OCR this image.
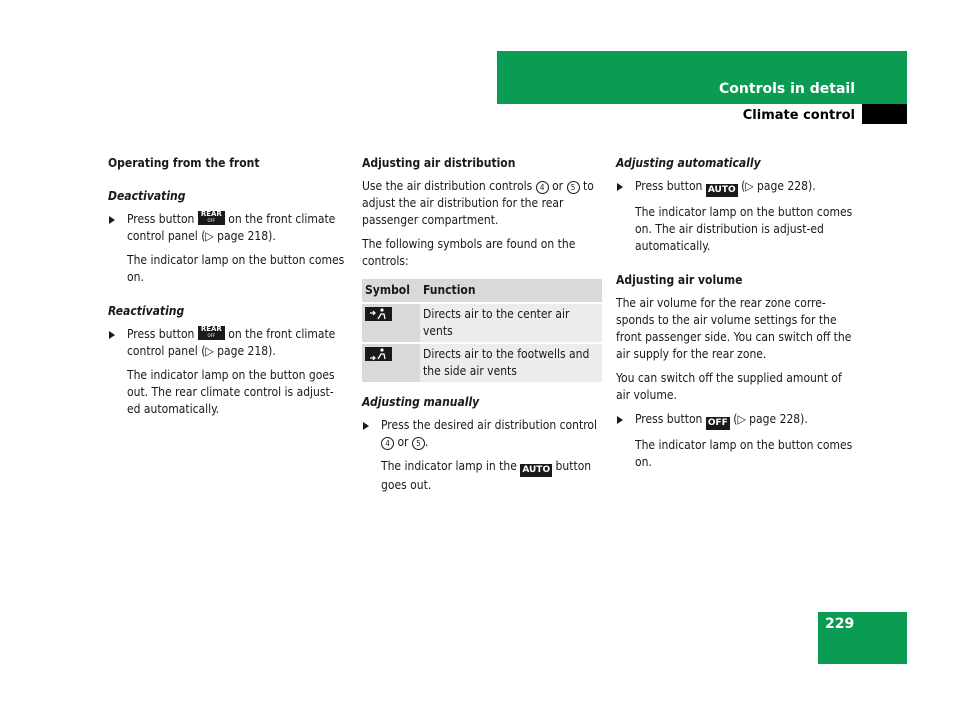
Controls in detail
Climate control
Operating from the front
Deactivating
Press button REAR
OFF	on the front climate control panel (▷ page 218).

The indicator lamp on the button comes on.

Reactivating
Press button REAR
OFF	on the front climate control panel (▷ page 218).

The indicator lamp on the button goes out. The rear climate control is adjust-ed automatically.

Adjusting air distribution

Use the air distribution controls 4 or 5 to adjust the air distribution for the rear passenger compartment.

The following symbols are found on the controls:

Symbol	Function

	Directs air to the center air vents

	Directs air to the footwells and the side air vents
Adjusting manually
Press the desired air distribution control 4 or 5 .

The indicator lamp in the AUTO button goes out.

Adjusting automatically
Press button AUTO (▷ page 228).

The indicator lamp on the button comes on. The air distribution is adjust-ed automatically.

Adjusting air volume

The air volume for the rear zone corre-sponds to the air volume settings for the front passenger side. You can switch off the air supply for the rear zone.

You can switch off the supplied amount of air volume.

Press button OFF (▷ page 228).

The indicator lamp on the button comes on.

229
